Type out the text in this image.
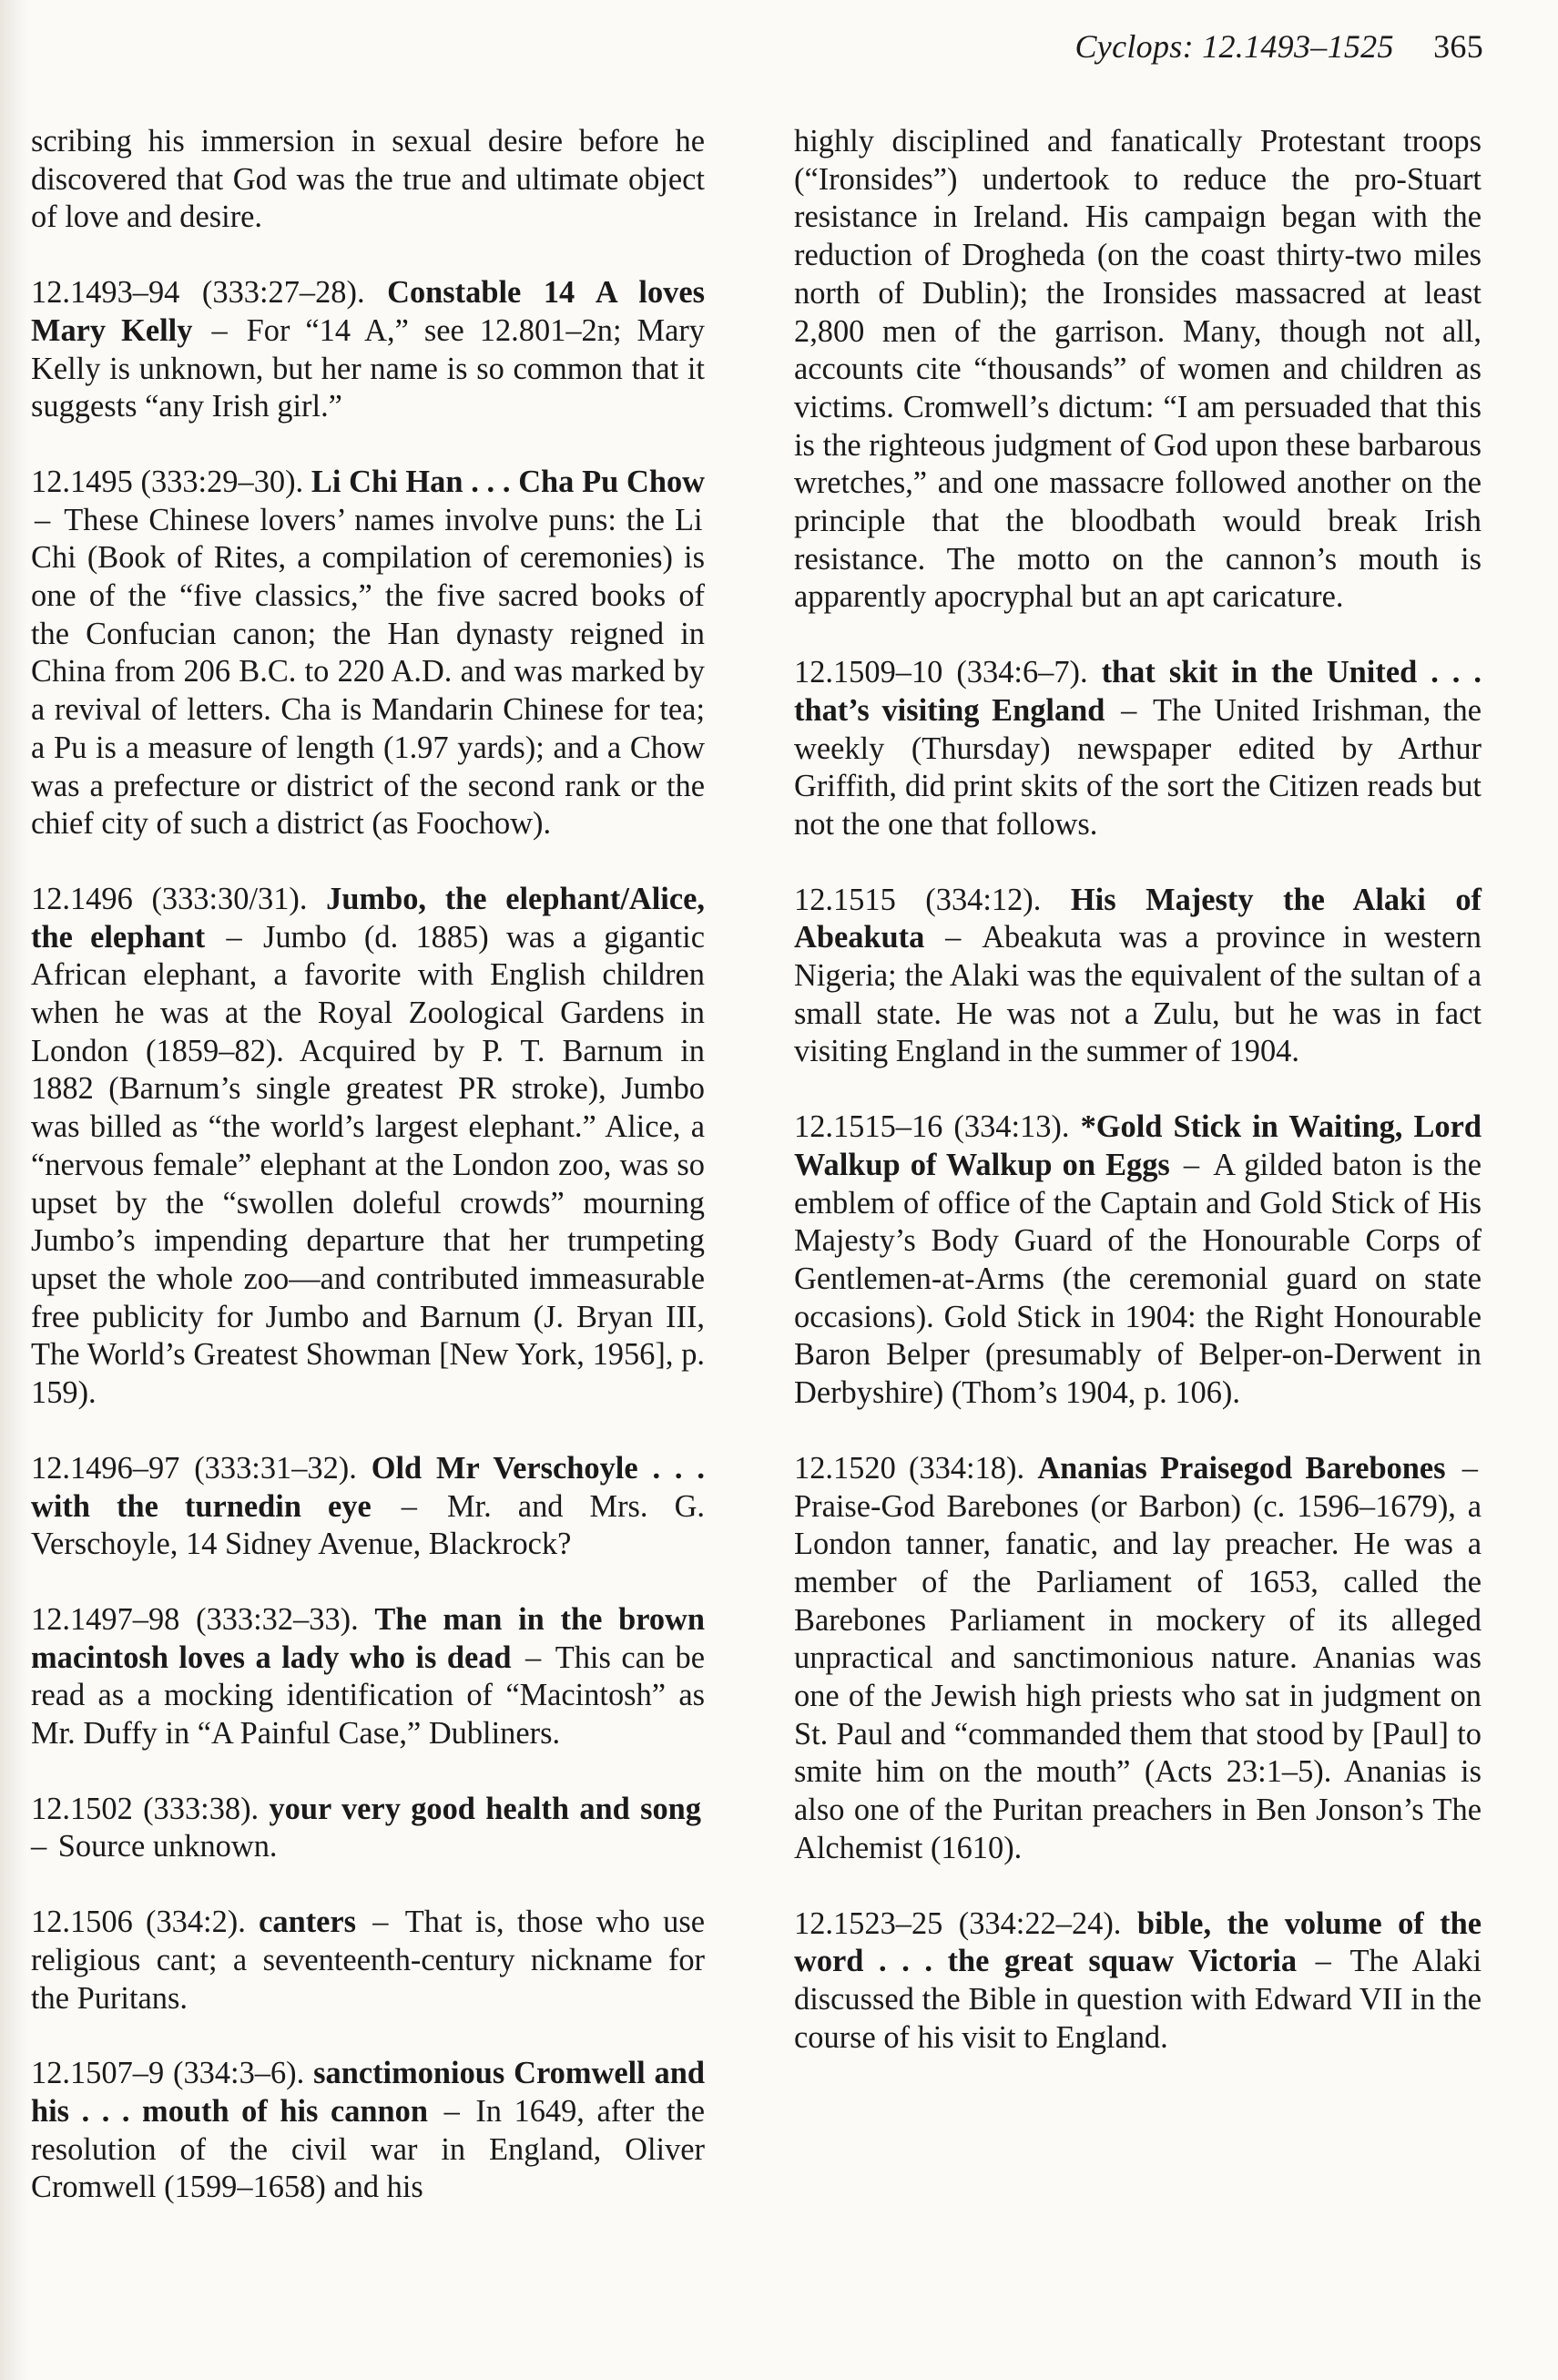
Cyclops: 12.1493–1525 365

scribing his immersion in sexual desire before he discovered that God was the true and ultimate object of love and desire.

12.1493–94 (333:27–28). Constable 14 A loves Mary Kelly – For “14 A,” see 12.801–2n; Mary Kelly is unknown, but her name is so common that it suggests “any Irish girl.”

12.1495 (333:29–30). Li Chi Han . . . Cha Pu Chow – These Chinese lovers’ names involve puns: the Li Chi (Book of Rites, a compilation of ceremonies) is one of the “five classics,” the five sacred books of the Confucian canon; the Han dynasty reigned in China from 206 B.C. to 220 A.D. and was marked by a revival of letters. Cha is Mandarin Chinese for tea; a Pu is a measure of length (1.97 yards); and a Chow was a prefecture or district of the second rank or the chief city of such a district (as Foochow).

12.1496 (333:30/31). Jumbo, the elephant/Alice, the elephant – Jumbo (d. 1885) was a gigantic African elephant, a favorite with English children when he was at the Royal Zoological Gardens in London (1859–82). Acquired by P. T. Barnum in 1882 (Barnum’s single greatest PR stroke), Jumbo was billed as “the world’s largest elephant.” Alice, a “nervous female” elephant at the London zoo, was so upset by the “swollen doleful crowds” mourning Jumbo’s impending departure that her trumpeting upset the whole zoo—and contributed immeasurable free publicity for Jumbo and Barnum (J. Bryan III, The World’s Greatest Showman [New York, 1956], p. 159).

12.1496–97 (333:31–32). Old Mr Verschoyle . . . with the turnedin eye – Mr. and Mrs. G. Verschoyle, 14 Sidney Avenue, Blackrock?

12.1497–98 (333:32–33). The man in the brown macintosh loves a lady who is dead – This can be read as a mocking identification of “Macintosh” as Mr. Duffy in “A Painful Case,” Dubliners.

12.1502 (333:38). your very good health and song – Source unknown.

12.1506 (334:2). canters – That is, those who use religious cant; a seventeenth-century nickname for the Puritans.

12.1507–9 (334:3–6). sanctimonious Cromwell and his . . . mouth of his cannon – In 1649, after the resolution of the civil war in England, Oliver Cromwell (1599–1658) and his

highly disciplined and fanatically Protestant troops (“Ironsides”) undertook to reduce the pro-Stuart resistance in Ireland. His campaign began with the reduction of Drogheda (on the coast thirty-two miles north of Dublin); the Ironsides massacred at least 2,800 men of the garrison. Many, though not all, accounts cite “thousands” of women and children as victims. Cromwell’s dictum: “I am persuaded that this is the righteous judgment of God upon these barbarous wretches,” and one massacre followed another on the principle that the bloodbath would break Irish resistance. The motto on the cannon’s mouth is apparently apocryphal but an apt caricature.

12.1509–10 (334:6–7). that skit in the United . . . that’s visiting England – The United Irishman, the weekly (Thursday) newspaper edited by Arthur Griffith, did print skits of the sort the Citizen reads but not the one that follows.

12.1515 (334:12). His Majesty the Alaki of Abeakuta – Abeakuta was a province in western Nigeria; the Alaki was the equivalent of the sultan of a small state. He was not a Zulu, but he was in fact visiting England in the summer of 1904.

12.1515–16 (334:13). *Gold Stick in Waiting, Lord Walkup of Walkup on Eggs – A gilded baton is the emblem of office of the Captain and Gold Stick of His Majesty’s Body Guard of the Honourable Corps of Gentlemen-at-Arms (the ceremonial guard on state occasions). Gold Stick in 1904: the Right Honourable Baron Belper (presumably of Belper-on-Derwent in Derbyshire) (Thom’s 1904, p. 106).

12.1520 (334:18). Ananias Praisegod Barebones – Praise-God Barebones (or Barbon) (c. 1596–1679), a London tanner, fanatic, and lay preacher. He was a member of the Parliament of 1653, called the Barebones Parliament in mockery of its alleged unpractical and sanctimonious nature. Ananias was one of the Jewish high priests who sat in judgment on St. Paul and “commanded them that stood by [Paul] to smite him on the mouth” (Acts 23:1–5). Ananias is also one of the Puritan preachers in Ben Jonson’s The Alchemist (1610).

12.1523–25 (334:22–24). bible, the volume of the word . . . the great squaw Victoria – The Alaki discussed the Bible in question with Edward VII in the course of his visit to England.
